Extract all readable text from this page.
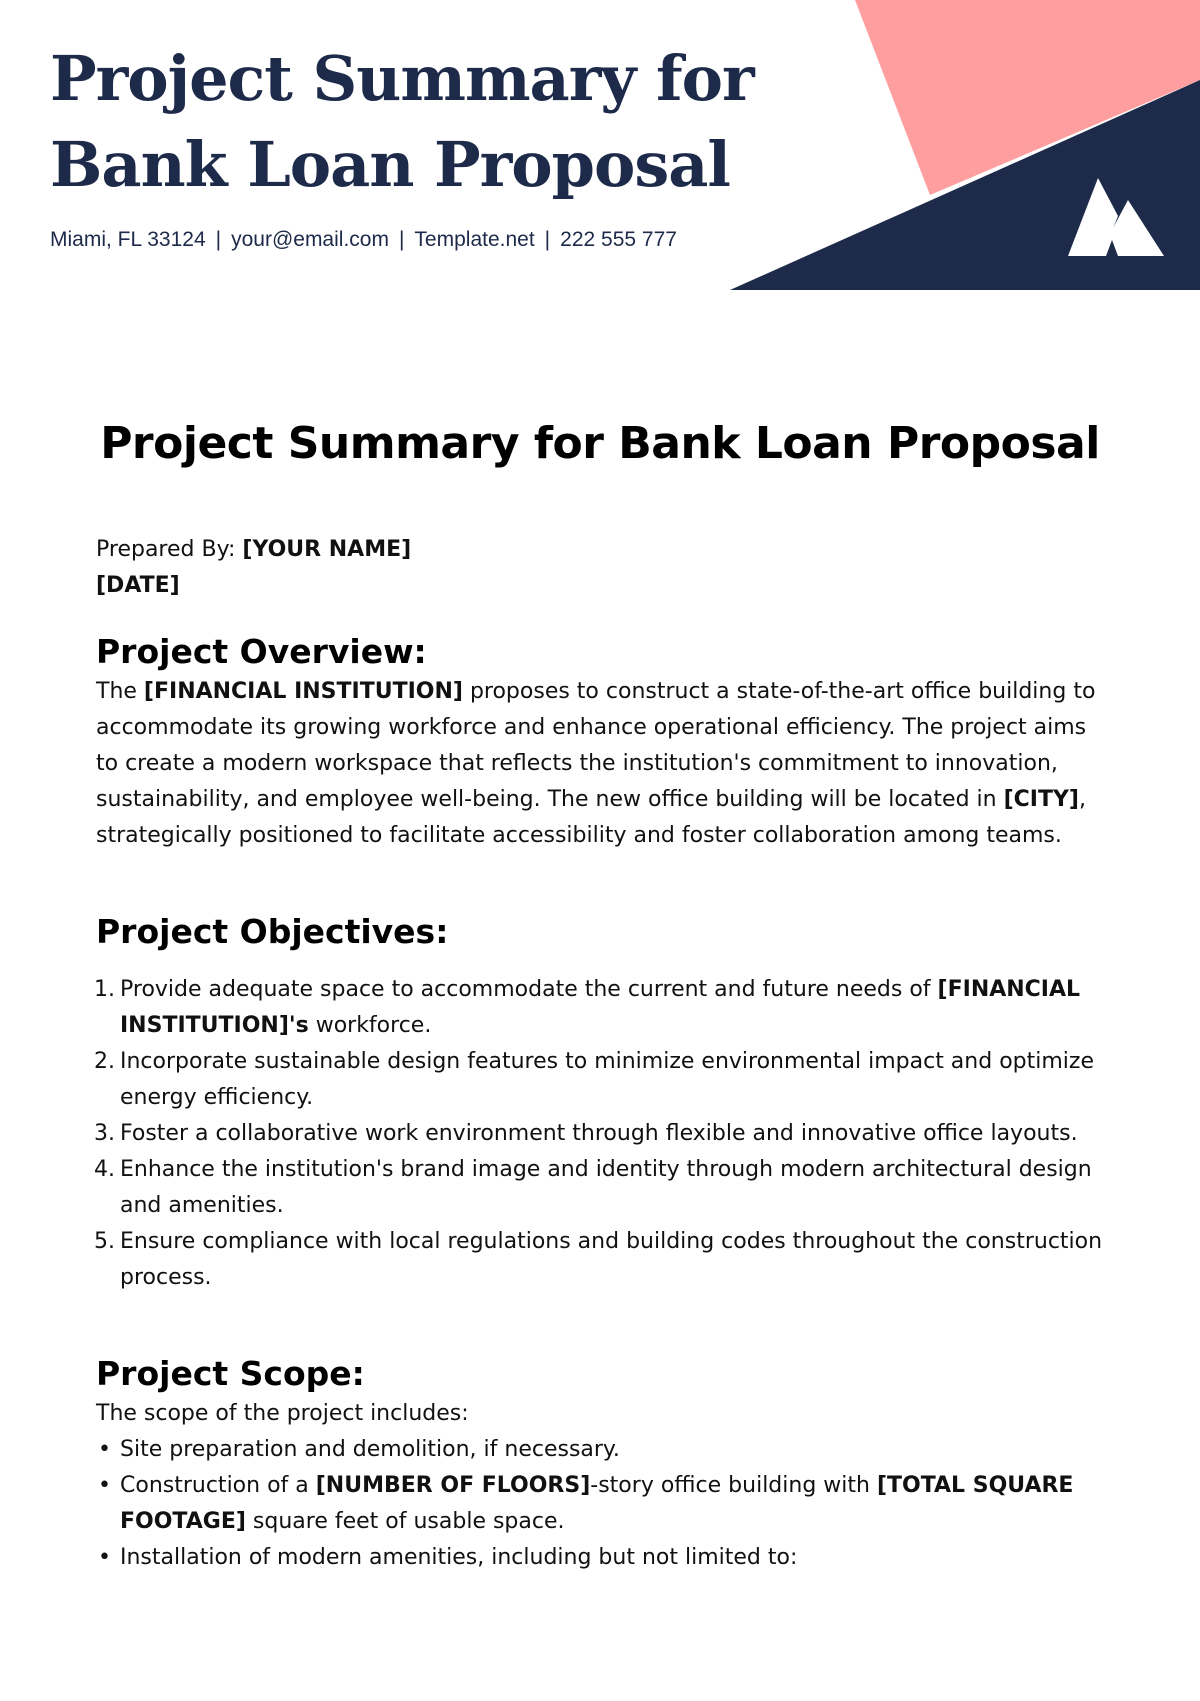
Project Summary for Bank Loan Proposal
Miami, FL 33124 | your@email.com | Template.net | 222 555 777
Project Summary for Bank Loan Proposal

Prepared By: [YOUR NAME]

[DATE]

Project Overview:

The [FINANCIAL INSTITUTION] proposes to construct a state-of-the-art office building to accommodate its growing workforce and enhance operational efficiency. The project aims to create a modern workspace that reflects the institution's commitment to innovation, sustainability, and employee well-being. The new office building will be located in [CITY], strategically positioned to facilitate accessibility and foster collaboration among teams.

Project Objectives:
1. Provide adequate space to accommodate the current and future needs of [FINANCIAL INSTITUTION]'s workforce.
2. Incorporate sustainable design features to minimize environmental impact and optimize energy efficiency.
3. Foster a collaborative work environment through flexible and innovative office layouts.
4. Enhance the institution's brand image and identity through modern architectural design and amenities.
5. Ensure compliance with local regulations and building codes throughout the construction process.
Project Scope:

The scope of the project includes:

• Site preparation and demolition, if necessary.
• Construction of a [NUMBER OF FLOORS]-story office building with [TOTAL SQUARE FOOTAGE] square feet of usable space.
• Installation of modern amenities, including but not limited to:
